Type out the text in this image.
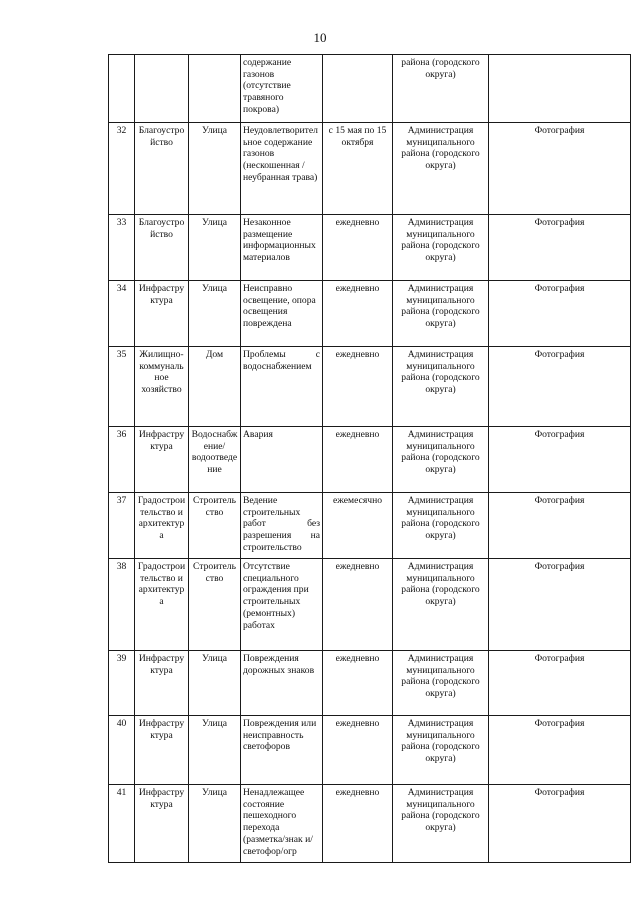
10
			содержание газонов (отсутствие травяного покрова)		района (городского округа)	
32	Благоустройство	Улица	Неудовлетворительное содержание газонов (нескошенная /неубранная трава)	с 15 мая по 15 октября	Администрация муниципального района (городского округа)	Фотография
33	Благоустройство	Улица	Незаконное размещение информационных материалов	ежедневно	Администрация муниципального района (городского округа)	Фотография
34	Инфраструктура	Улица	Неисправно освещение, опора освещения повреждена	ежедневно	Администрация муниципального района (городского округа)	Фотография
35	Жилищно-коммунальное хозяйство	Дом	Проблемы с водоснабжением	ежедневно	Администрация муниципального района (городского округа)	Фотография
36	Инфраструктура	Водоснабжение/водоотведение	Авария	ежедневно	Администрация муниципального района (городского округа)	Фотография
37	Градостроительство и архитектура	Строительство	Ведение строительных работ без разрешения на строительство	ежемесячно	Администрация муниципального района (городского округа)	Фотография
38	Градостроительство и архитектура	Строительство	Отсутствие специального ограждения при строительных (ремонтных) работах	ежедневно	Администрация муниципального района (городского округа)	Фотография
39	Инфраструктура	Улица	Повреждения дорожных знаков	ежедневно	Администрация муниципального района (городского округа)	Фотография
40	Инфраструктура	Улица	Повреждения или неисправность светофоров	ежедневно	Администрация муниципального района (городского округа)	Фотография
41	Инфраструктура	Улица	Ненадлежащее состояние пешеходного перехода (разметка/знак и/светофор/огр	ежедневно	Администрация муниципального района (городского округа)	Фотография
